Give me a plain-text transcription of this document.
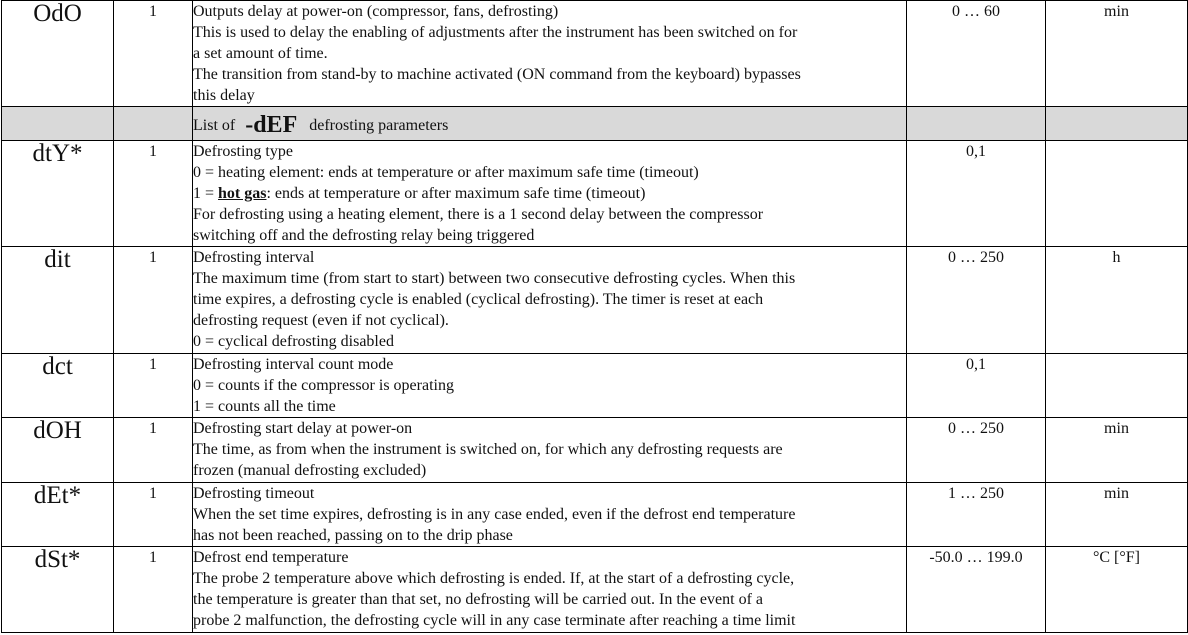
OdO	1	Outputs delay at power-on (compressor, fans, defrosting)
This is used to delay the enabling of adjustments after the instrument has been switched on for
a set amount of time.
The transition from stand-by to machine activated (ON command from the keyboard) bypasses
this delay	0 … 60	min
		List of -dEF defrosting parameters		
dtY*	1	Defrosting type
0 = heating element: ends at temperature or after maximum safe time (timeout)
1 = hot gas: ends at temperature or after maximum safe time (timeout)
For defrosting using a heating element, there is a 1 second delay between the compressor
switching off and the defrosting relay being triggered	0,1	
dit	1	Defrosting interval
The maximum time (from start to start) between two consecutive defrosting cycles. When this
time expires, a defrosting cycle is enabled (cyclical defrosting). The timer is reset at each
defrosting request (even if not cyclical).
0 = cyclical defrosting disabled	0 … 250	h
dct	1	Defrosting interval count mode
0 = counts if the compressor is operating
1 = counts all the time	0,1	
dOH	1	Defrosting start delay at power-on
The time, as from when the instrument is switched on, for which any defrosting requests are
frozen (manual defrosting excluded)	0 … 250	min
dEt*	1	Defrosting timeout
When the set time expires, defrosting is in any case ended, even if the defrost end temperature
has not been reached, passing on to the drip phase	1 … 250	min
dSt*	1	Defrost end temperature
The probe 2 temperature above which defrosting is ended. If, at the start of a defrosting cycle,
the temperature is greater than that set, no defrosting will be carried out. In the event of a
probe 2 malfunction, the defrosting cycle will in any case terminate after reaching a time limit	-50.0 … 199.0	°C [°F]
